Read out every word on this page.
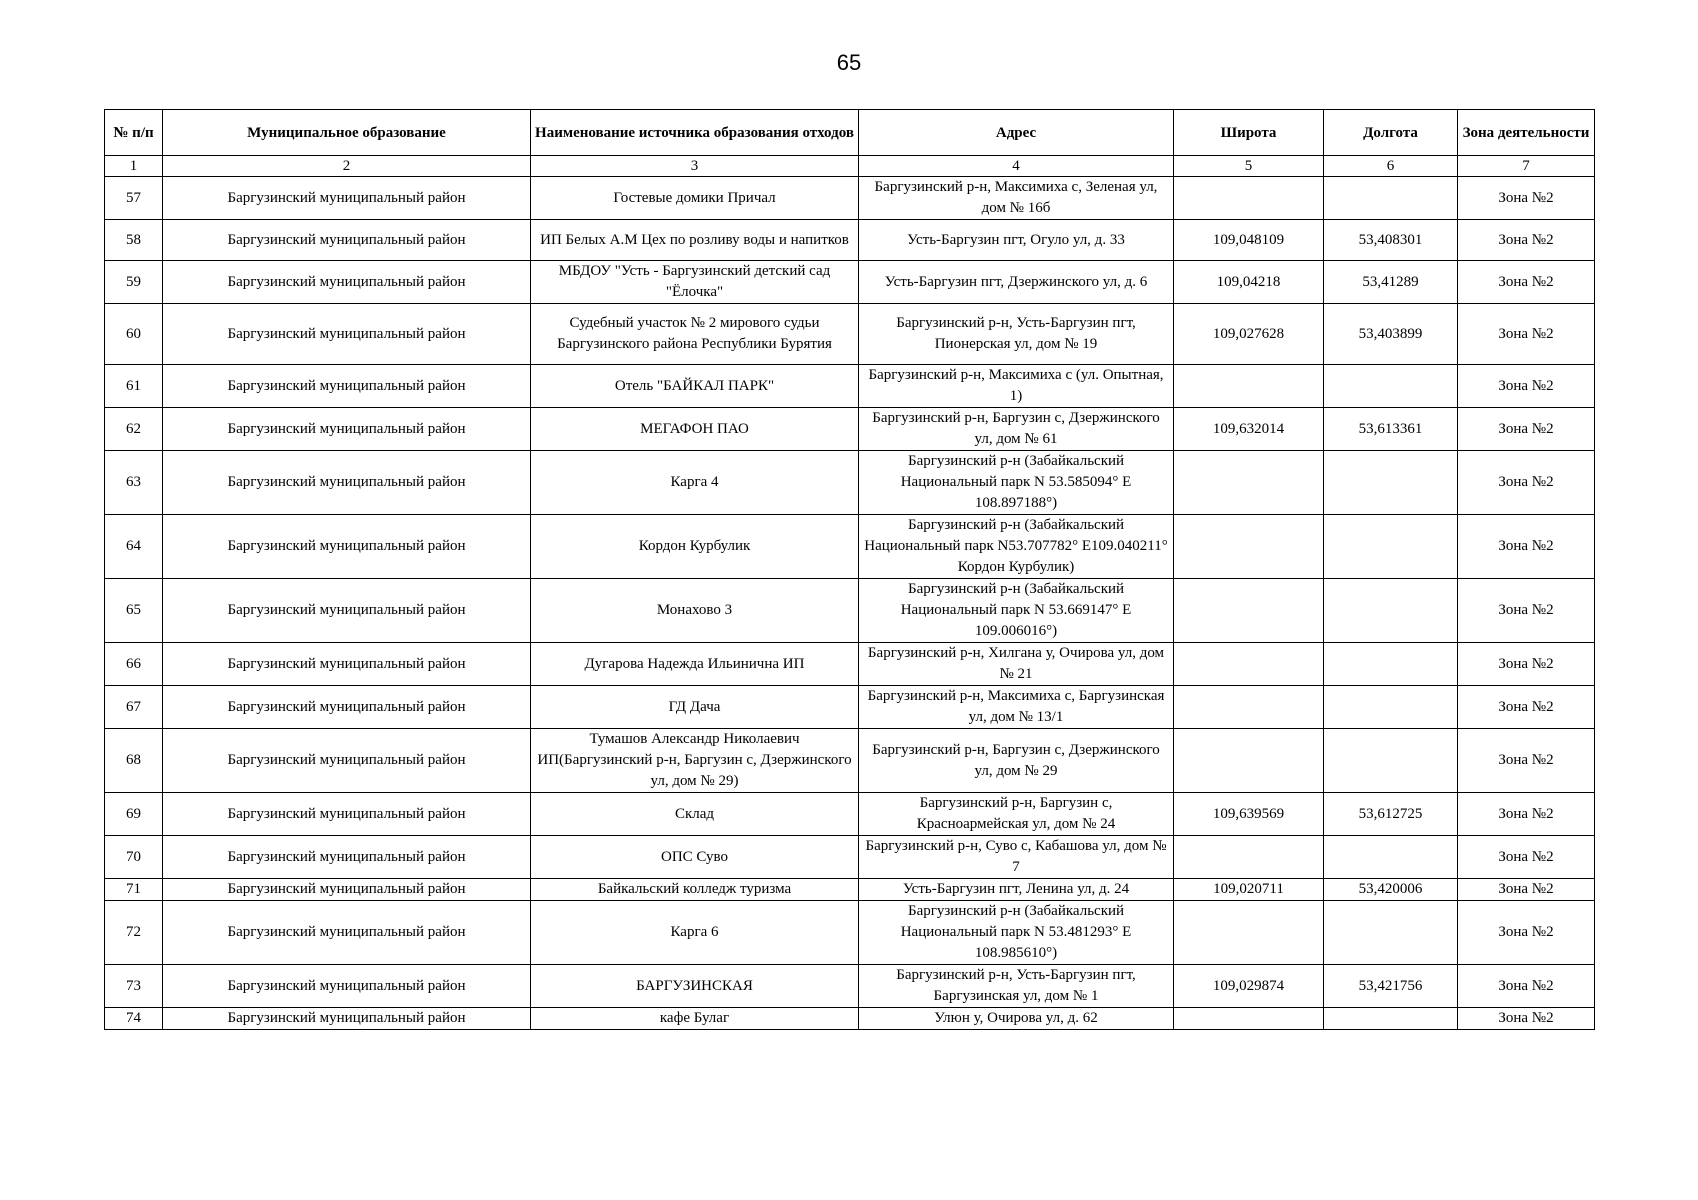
65
№ п/п	Муниципальное образование	Наименование источника образования отходов	Адрес	Широта	Долгота	Зона деятельности
1	2	3	4	5	6	7
57	Баргузинский муниципальный район	Гостевые домики Причал	Баргузинский р-н, Максимиха с, Зеленая ул, дом № 16б			Зона №2
58	Баргузинский муниципальный район	ИП Белых А.М Цех по розливу воды и напитков	Усть-Баргузин пгт, Огуло ул, д. 33	109,048109	53,408301	Зона №2
59	Баргузинский муниципальный район	МБДОУ "Усть - Баргузинский детский сад "Ёлочка"	Усть-Баргузин пгт, Дзержинского ул, д. 6	109,04218	53,41289	Зона №2
60	Баргузинский муниципальный район	Судебный участок № 2 мирового судьи Баргузинского района Республики Бурятия	Баргузинский р-н, Усть-Баргузин пгт, Пионерская ул, дом № 19	109,027628	53,403899	Зона №2
61	Баргузинский муниципальный район	Отель "БАЙКАЛ ПАРК"	Баргузинский р-н, Максимиха с (ул. Опытная, 1)			Зона №2
62	Баргузинский муниципальный район	МЕГАФОН ПАО	Баргузинский р-н, Баргузин с, Дзержинского ул, дом № 61	109,632014	53,613361	Зона №2
63	Баргузинский муниципальный район	Карга 4	Баргузинский р-н (Забайкальский Национальный парк N 53.585094° E 108.897188°)			Зона №2
64	Баргузинский муниципальный район	Кордон Курбулик	Баргузинский р-н (Забайкальский Национальный парк N53.707782° E109.040211° Кордон Курбулик)			Зона №2
65	Баргузинский муниципальный район	Монахово 3	Баргузинский р-н (Забайкальский Национальный парк N 53.669147° E 109.006016°)			Зона №2
66	Баргузинский муниципальный район	Дугарова Надежда Ильинична ИП	Баргузинский р-н, Хилгана у, Очирова ул, дом № 21			Зона №2
67	Баргузинский муниципальный район	ГД Дача	Баргузинский р-н, Максимиха с, Баргузинская ул, дом № 13/1			Зона №2
68	Баргузинский муниципальный район	Тумашов Александр Николаевич ИП(Баргузинский р-н, Баргузин с, Дзержинского ул, дом № 29)	Баргузинский р-н, Баргузин с, Дзержинского ул, дом № 29			Зона №2
69	Баргузинский муниципальный район	Склад	Баргузинский р-н, Баргузин с, Красноармейская ул, дом № 24	109,639569	53,612725	Зона №2
70	Баргузинский муниципальный район	ОПС Суво	Баргузинский р-н, Суво с, Кабашова ул, дом № 7			Зона №2
71	Баргузинский муниципальный район	Байкальский колледж туризма	Усть-Баргузин пгт, Ленина ул, д. 24	109,020711	53,420006	Зона №2
72	Баргузинский муниципальный район	Карга 6	Баргузинский р-н (Забайкальский Национальный парк N 53.481293° E 108.985610°)			Зона №2
73	Баргузинский муниципальный район	БАРГУЗИНСКАЯ	Баргузинский р-н, Усть-Баргузин пгт, Баргузинская ул, дом № 1	109,029874	53,421756	Зона №2
74	Баргузинский муниципальный район	кафе Булаг	Улюн у, Очирова ул, д. 62			Зона №2
